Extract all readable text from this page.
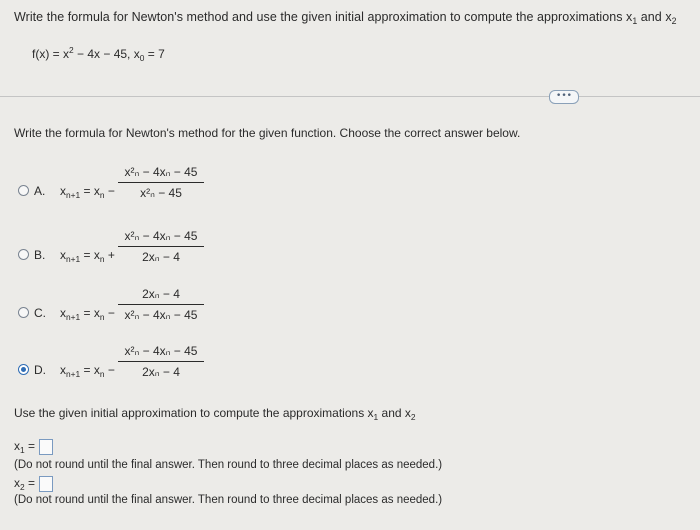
Write the formula for Newton's method and use the given initial approximation to compute the approximations $x_1$ and $x_2$
$f(x) = x^2 - 4x - 45$, $x_0 = 7$
•••
Write the formula for Newton's method for the given function. Choose the correct answer below.
A. $x_{n+1} = x_n$ −
x²ₙ − 4xₙ − 45
x²ₙ − 45
B. $x_{n+1} = x_n$ +
x²ₙ − 4xₙ − 45
2xₙ − 4
C. $x_{n+1} = x_n$ −
2xₙ − 4
x²ₙ − 4xₙ − 45
D. $x_{n+1} = x_n$ −
x²ₙ − 4xₙ − 45
2xₙ − 4
Use the given initial approximation to compute the approximations $x_1$ and $x_2$
$x_1$ =
(Do not round until the final answer. Then round to three decimal places as needed.)
$x_2$ =
(Do not round until the final answer. Then round to three decimal places as needed.)
